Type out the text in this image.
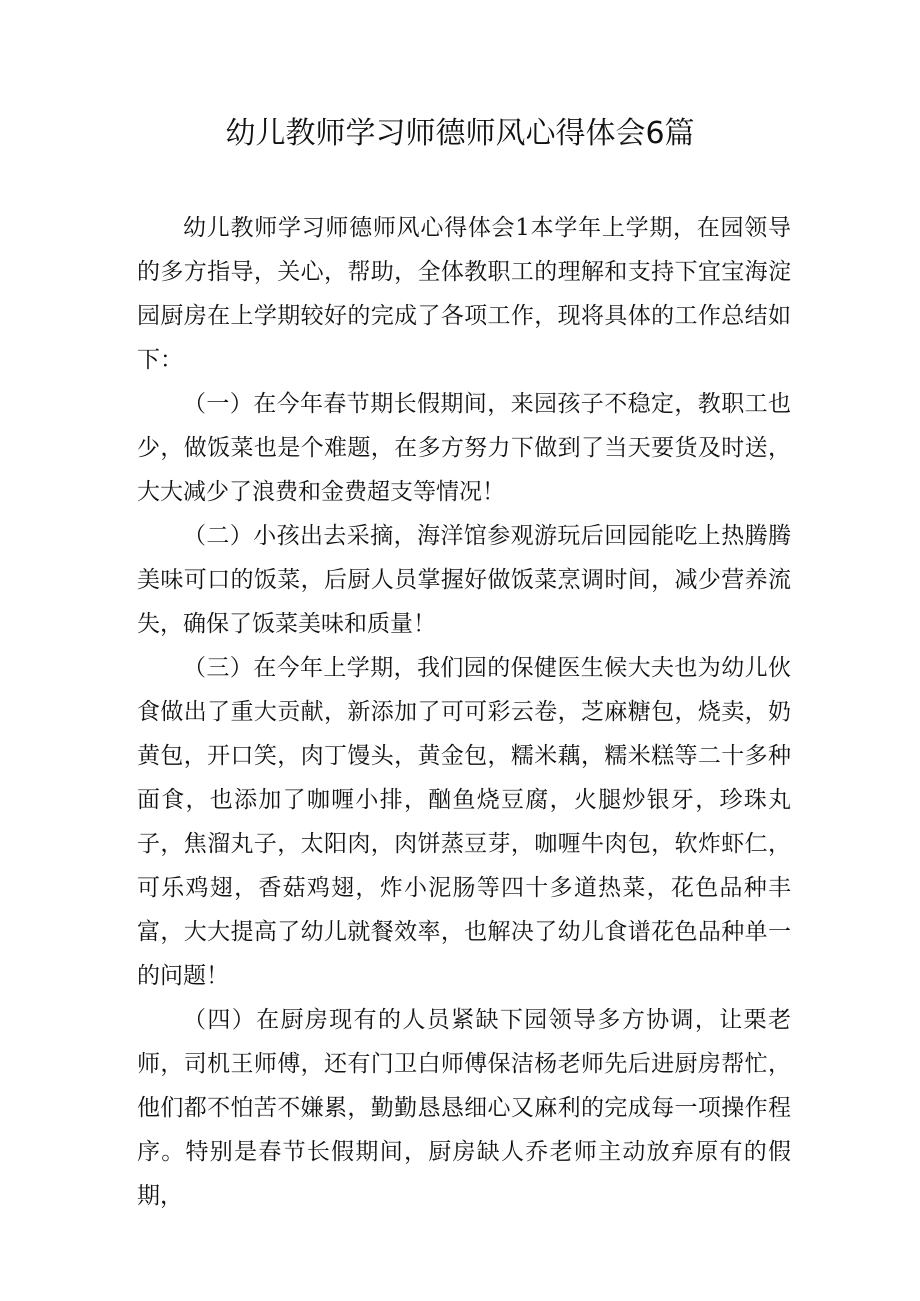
幼儿教师学习师德师风心得体会6篇

幼儿教师学习师德师风心得体会1本学年上学期，在园领导的多方指导，关心，帮助，全体教职工的理解和支持下宜宝海淀园厨房在上学期较好的完成了各项工作，现将具体的工作总结如下：

（一）在今年春节期长假期间，来园孩子不稳定，教职工也少，做饭菜也是个难题，在多方努力下做到了当天要货及时送，大大减少了浪费和金费超支等情况！

（二）小孩出去采摘，海洋馆参观游玩后回园能吃上热腾腾美味可口的饭菜，后厨人员掌握好做饭菜烹调时间，减少营养流失，确保了饭菜美味和质量！

（三）在今年上学期，我们园的保健医生候大夫也为幼儿伙食做出了重大贡献，新添加了可可彩云卷，芝麻糖包，烧卖，奶黄包，开口笑，肉丁馒头，黄金包，糯米藕，糯米糕等二十多种面食，也添加了咖喱小排，酗鱼烧豆腐，火腿炒银牙，珍珠丸子，焦溜丸子，太阳肉，肉饼蒸豆芽，咖喱牛肉包，软炸虾仁，可乐鸡翅，香菇鸡翅，炸小泥肠等四十多道热菜，花色品种丰富，大大提高了幼儿就餐效率，也解决了幼儿食谱花色品种单一的问题！

（四）在厨房现有的人员紧缺下园领导多方协调，让栗老师，司机王师傅，还有门卫白师傅保洁杨老师先后进厨房帮忙，他们都不怕苦不嫌累，勤勤恳恳细心又麻利的完成每一项操作程序。特别是春节长假期间，厨房缺人乔老师主动放弃原有的假期，
